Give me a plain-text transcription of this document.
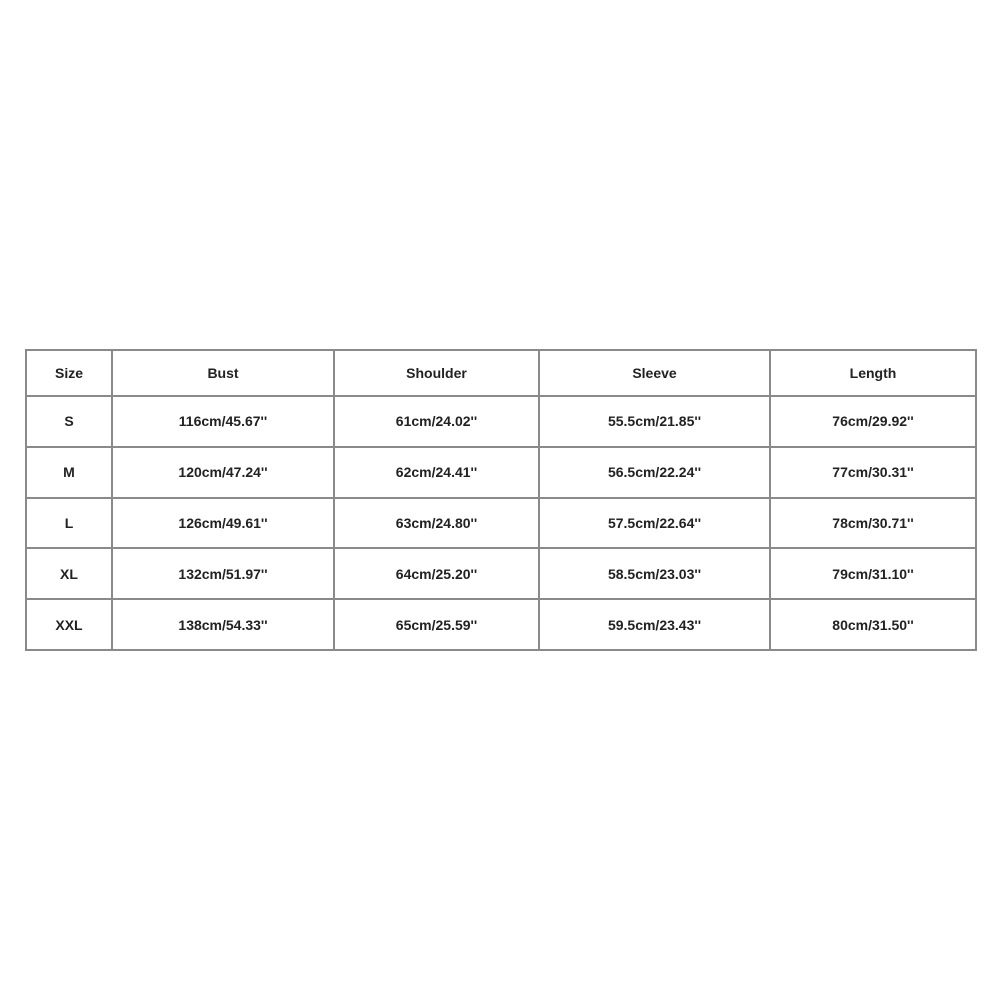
Size	Bust	Shoulder	Sleeve	Length
S	116cm/45.67''	61cm/24.02''	55.5cm/21.85''	76cm/29.92''
M	120cm/47.24''	62cm/24.41''	56.5cm/22.24''	77cm/30.31''
L	126cm/49.61''	63cm/24.80''	57.5cm/22.64''	78cm/30.71''
XL	132cm/51.97''	64cm/25.20''	58.5cm/23.03''	79cm/31.10''
XXL	138cm/54.33''	65cm/25.59''	59.5cm/23.43''	80cm/31.50''
